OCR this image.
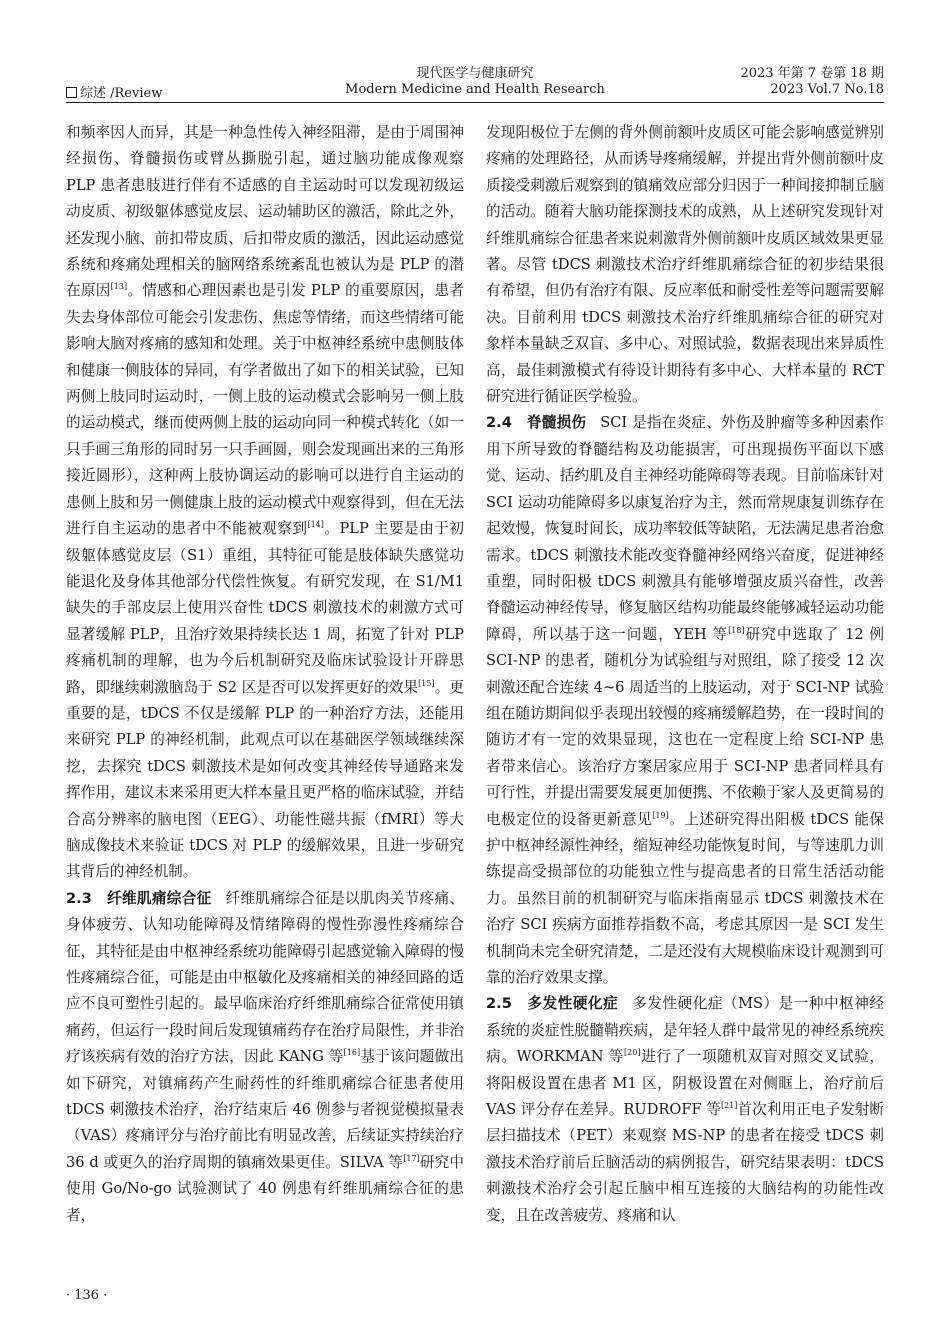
综述 /Review
现代医学与健康研究
Modern Medicine and Health Research
2023 年第 7 卷第 18 期
2023 Vol.7 No.18

和频率因人而异，其是一种急性传入神经阻滞，是由于周围神经损伤、脊髓损伤或臂丛撕脱引起，通过脑功能成像观察 PLP 患者患肢进行伴有不适感的自主运动时可以发现初级运动皮质、初级躯体感觉皮层、运动辅助区的激活，除此之外，还发现小脑、前扣带皮质、后扣带皮质的激活，因此运动感觉系统和疼痛处理相关的脑网络系统紊乱也被认为是 PLP 的潜在原因[13]。情感和心理因素也是引发 PLP 的重要原因，患者失去身体部位可能会引发悲伤、焦虑等情绪，而这些情绪可能影响大脑对疼痛的感知和处理。关于中枢神经系统中患侧肢体和健康一侧肢体的异同，有学者做出了如下的相关试验，已知两侧上肢同时运动时，一侧上肢的运动模式会影响另一侧上肢的运动模式，继而使两侧上肢的运动向同一种模式转化（如一只手画三角形的同时另一只手画圆，则会发现画出来的三角形接近圆形），这种两上肢协调运动的影响可以进行自主运动的患侧上肢和另一侧健康上肢的运动模式中观察得到，但在无法进行自主运动的患者中不能被观察到[14]。PLP 主要是由于初级躯体感觉皮层（S1）重组，其特征可能是肢体缺失感觉功能退化及身体其他部分代偿性恢复。有研究发现，在 S1/M1 缺失的手部皮层上使用兴奋性 tDCS 刺激技术的刺激方式可显著缓解 PLP，且治疗效果持续长达 1 周，拓宽了针对 PLP 疼痛机制的理解，也为今后机制研究及临床试验设计开辟思路，即继续刺激脑岛于 S2 区是否可以发挥更好的效果[15]。更重要的是，tDCS 不仅是缓解 PLP 的一种治疗方法，还能用来研究 PLP 的神经机制，此观点可以在基础医学领域继续深挖，去探究 tDCS 刺激技术是如何改变其神经传导通路来发挥作用，建议未来采用更大样本量且更严格的临床试验，并结合高分辨率的脑电图（EEG）、功能性磁共振（fMRI）等大脑成像技术来验证 tDCS 对 PLP 的缓解效果，且进一步研究其背后的神经机制。

2.3　纤维肌痛综合征 纤维肌痛综合征是以肌肉关节疼痛、身体疲劳、认知功能障碍及情绪障碍的慢性弥漫性疼痛综合征，其特征是由中枢神经系统功能障碍引起感觉输入障碍的慢性疼痛综合征，可能是由中枢敏化及疼痛相关的神经回路的适应不良可塑性引起的。最早临床治疗纤维肌痛综合征常使用镇痛药，但运行一段时间后发现镇痛药存在治疗局限性，并非治疗该疾病有效的治疗方法，因此 KANG 等[16]基于该问题做出如下研究，对镇痛药产生耐药性的纤维肌痛综合征患者使用 tDCS 刺激技术治疗，治疗结束后 46 例参与者视觉模拟量表（VAS）疼痛评分与治疗前比有明显改善，后续证实持续治疗 36 d 或更久的治疗周期的镇痛效果更佳。SILVA 等[17]研究中使用 Go/No-go 试验测试了 40 例患有纤维肌痛综合征的患者，

发现阳极位于左侧的背外侧前额叶皮质区可能会影响感觉辨别疼痛的处理路径，从而诱导疼痛缓解，并提出背外侧前额叶皮质接受刺激后观察到的镇痛效应部分归因于一种间接抑制丘脑的活动。随着大脑功能探测技术的成熟，从上述研究发现针对纤维肌痛综合征患者来说刺激背外侧前额叶皮质区域效果更显著。尽管 tDCS 刺激技术治疗纤维肌痛综合征的初步结果很有希望，但仍有治疗有限、反应率低和耐受性差等问题需要解决。目前利用 tDCS 刺激技术治疗纤维肌痛综合征的研究对象样本量缺乏双盲、多中心、对照试验，数据表现出来异质性高，最佳刺激模式有待设计期待有多中心、大样本量的 RCT 研究进行循证医学检验。

2.4　脊髓损伤 SCI 是指在炎症、外伤及肿瘤等多种因素作用下所导致的脊髓结构及功能损害，可出现损伤平面以下感觉、运动、括约肌及自主神经功能障碍等表现。目前临床针对 SCI 运动功能障碍多以康复治疗为主，然而常规康复训练存在起效慢，恢复时间长，成功率较低等缺陷，无法满足患者治愈需求。tDCS 刺激技术能改变脊髓神经网络兴奋度，促进神经重塑，同时阳极 tDCS 刺激具有能够增强皮质兴奋性，改善脊髓运动神经传导，修复脑区结构功能最终能够减轻运动功能障碍，所以基于这一问题，YEH 等[18]研究中选取了 12 例 SCI-NP 的患者，随机分为试验组与对照组，除了接受 12 次刺激还配合连续 4~6 周适当的上肢运动，对于 SCI-NP 试验组在随访期间似乎表现出较慢的疼痛缓解趋势，在一段时间的随访才有一定的效果显现，这也在一定程度上给 SCI-NP 患者带来信心。该治疗方案居家应用于 SCI-NP 患者同样具有可行性，并提出需要发展更加便携、不依赖于家人及更简易的电极定位的设备更新意见[19]。上述研究得出阳极 tDCS 能保护中枢神经源性神经，缩短神经功能恢复时间，与等速肌力训练提高受损部位的功能独立性与提高患者的日常生活活动能力。虽然目前的机制研究与临床指南显示 tDCS 刺激技术在治疗 SCI 疾病方面推荐指数不高，考虑其原因一是 SCI 发生机制尚未完全研究清楚，二是还没有大规模临床设计观测到可靠的治疗效果支撑。

2.5　多发性硬化症 多发性硬化症（MS）是一种中枢神经系统的炎症性脱髓鞘疾病，是年轻人群中最常见的神经系统疾病。WORKMAN 等[20]进行了一项随机双盲对照交叉试验，将阳极设置在患者 M1 区，阴极设置在对侧眶上，治疗前后 VAS 评分存在差异。RUDROFF 等[21]首次利用正电子发射断层扫描技术（PET）来观察 MS-NP 的患者在接受 tDCS 刺激技术治疗前后丘脑活动的病例报告，研究结果表明：tDCS 刺激技术治疗会引起丘脑中相互连接的大脑结构的功能性改变，且在改善疲劳、疼痛和认

· 136 ·
